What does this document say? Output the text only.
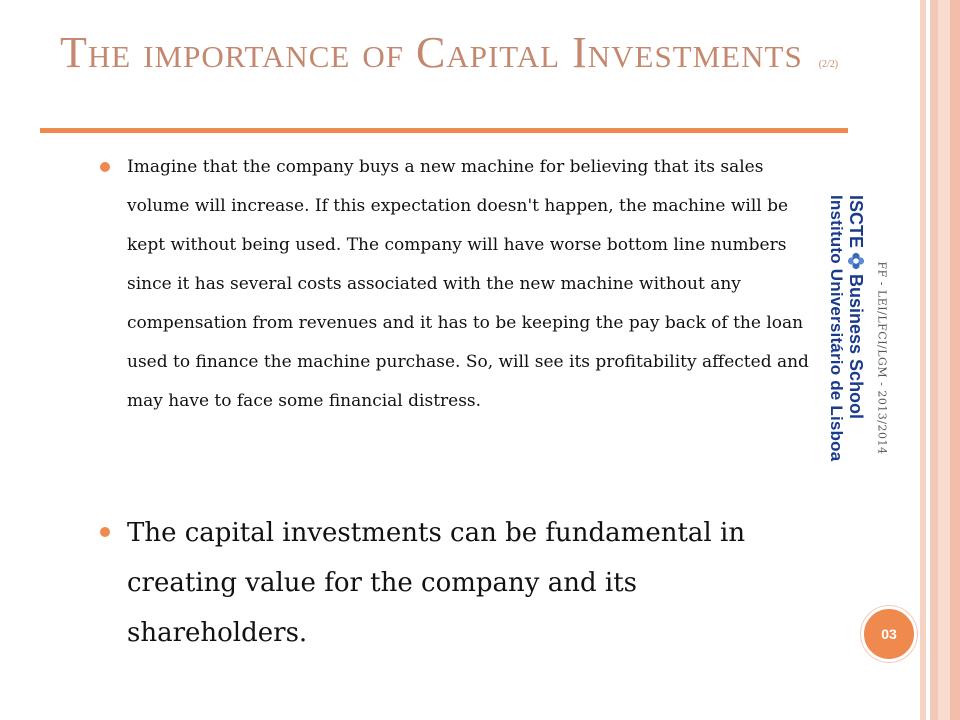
The importance of Capital Investments (2/2)
Imagine that the company buys a new machine for believing that its sales volume will increase. If this expectation doesn't happen, the machine will be kept without being used. The company will have worse bottom line numbers since it has several costs associated with the new machine without any compensation from revenues and it has to be keeping the pay back of the loan used to finance the machine purchase. So, will see its profitability affected and may have to face some financial distress.
The capital investments can be fundamental in creating value for the company and its shareholders.
FF - LEI/LFCI/LGM - 2013/2014
ISCTEBusiness School
Instituto Universitário de Lisboa
03
